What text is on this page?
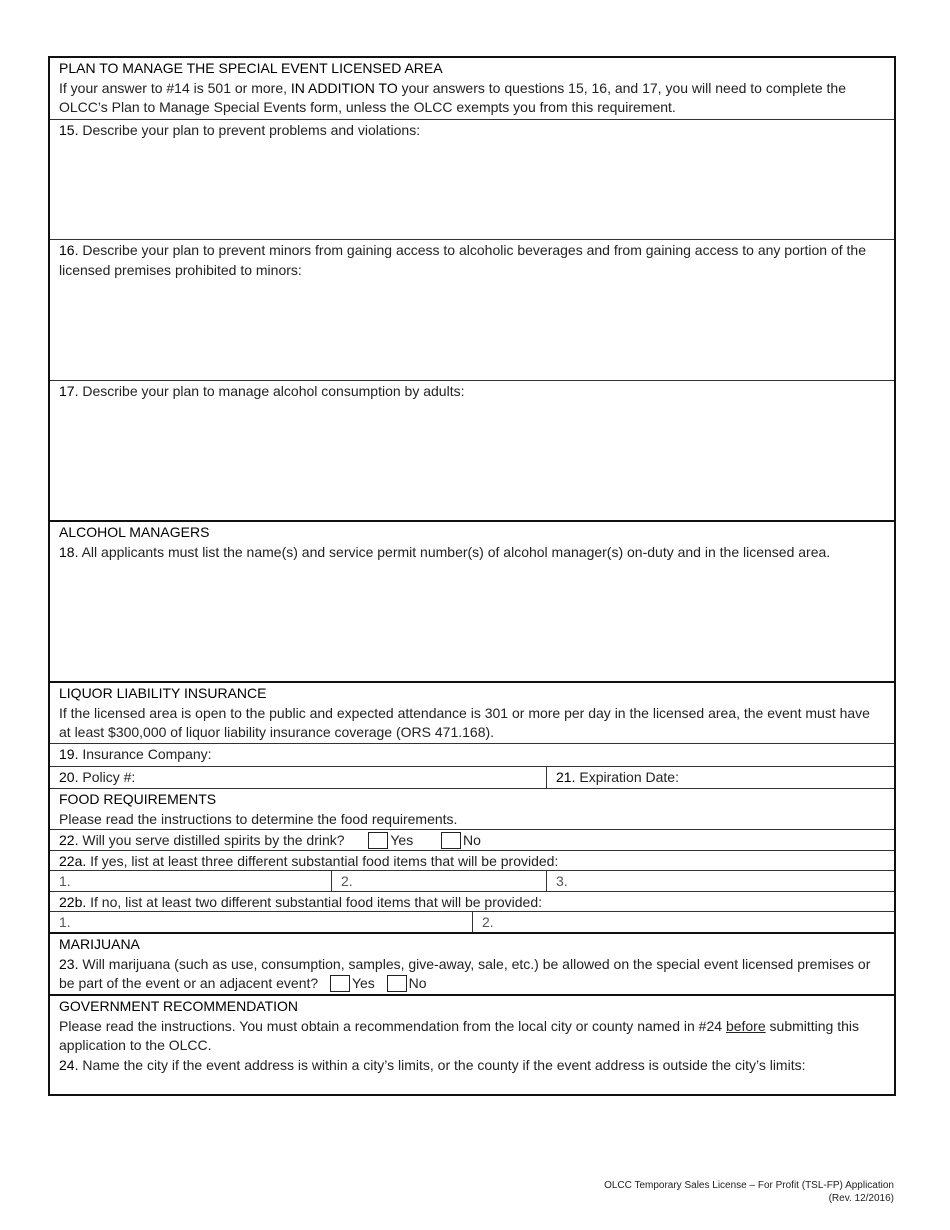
PLAN TO MANAGE THE SPECIAL EVENT LICENSED AREA
If your answer to #14 is 501 or more, IN ADDITION TO your answers to questions 15, 16, and 17, you will need to complete the OLCC’s Plan to Manage Special Events form, unless the OLCC exempts you from this requirement.
15. Describe your plan to prevent problems and violations:
16. Describe your plan to prevent minors from gaining access to alcoholic beverages and from gaining access to any portion of the licensed premises prohibited to minors:
17. Describe your plan to manage alcohol consumption by adults:
ALCOHOL MANAGERS
18. All applicants must list the name(s) and service permit number(s) of alcohol manager(s) on-duty and in the licensed area.
LIQUOR LIABILITY INSURANCE
If the licensed area is open to the public and expected attendance is 301 or more per day in the licensed area, the event must have at least $300,000 of liquor liability insurance coverage (ORS 471.168).
19. Insurance Company:
20. Policy #:	21. Expiration Date:
FOOD REQUIREMENTS
Please read the instructions to determine the food requirements.
22. Will you serve distilled spirits by the drink?	Yes	No
22a. If yes, list at least three different substantial food items that will be provided:
1.	2.	3.
22b. If no, list at least two different substantial food items that will be provided:
1.	2.
MARIJUANA
23. Will marijuana (such as use, consumption, samples, give-away, sale, etc.) be allowed on the special event licensed premises or be part of the event or an adjacent event? Yes No
GOVERNMENT RECOMMENDATION
Please read the instructions. You must obtain a recommendation from the local city or county named in #24 before submitting this application to the OLCC.
24. Name the city if the event address is within a city’s limits, or the county if the event address is outside the city’s limits:
OLCC Temporary Sales License – For Profit (TSL-FP) Application
(Rev. 12/2016)
